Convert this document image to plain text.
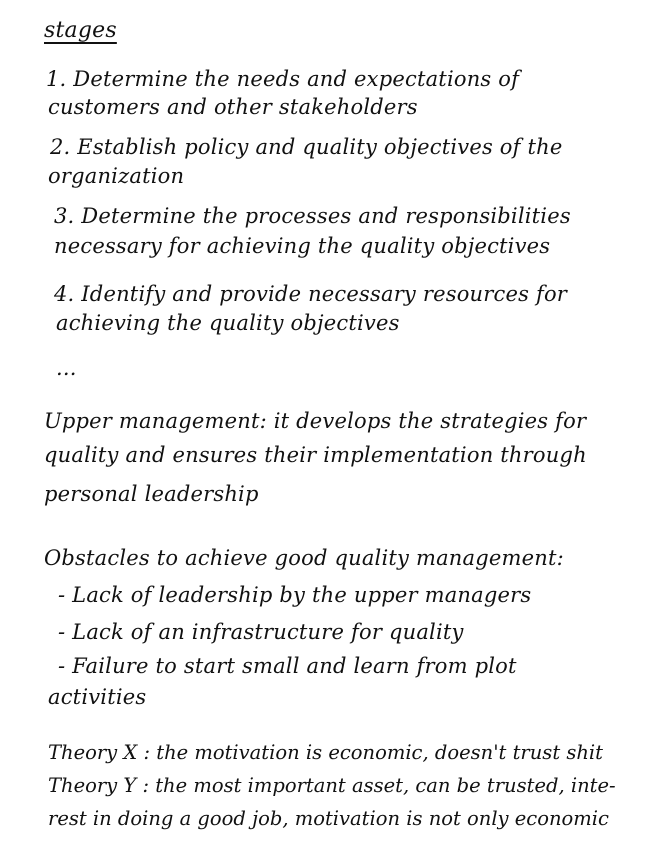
stages
1. Determine the needs and expectations of
customers and other stakeholders
2. Establish policy and quality objectives of the
organization
3. Determine the processes and responsibilities
necessary for achieving the quality objectives
4. Identify and provide necessary resources for
achieving the quality objectives
...
Upper management: it develops the strategies for
quality and ensures their implementation through
personal leadership
Obstacles to achieve good quality management:
- Lack of leadership by the upper managers
- Lack of an infrastructure for quality
- Failure to start small and learn from plot
activities
Theory X : the motivation is economic, doesn't trust shit
Theory Y : the most important asset, can be trusted, inte-
rest in doing a good job, motivation is not only economic
